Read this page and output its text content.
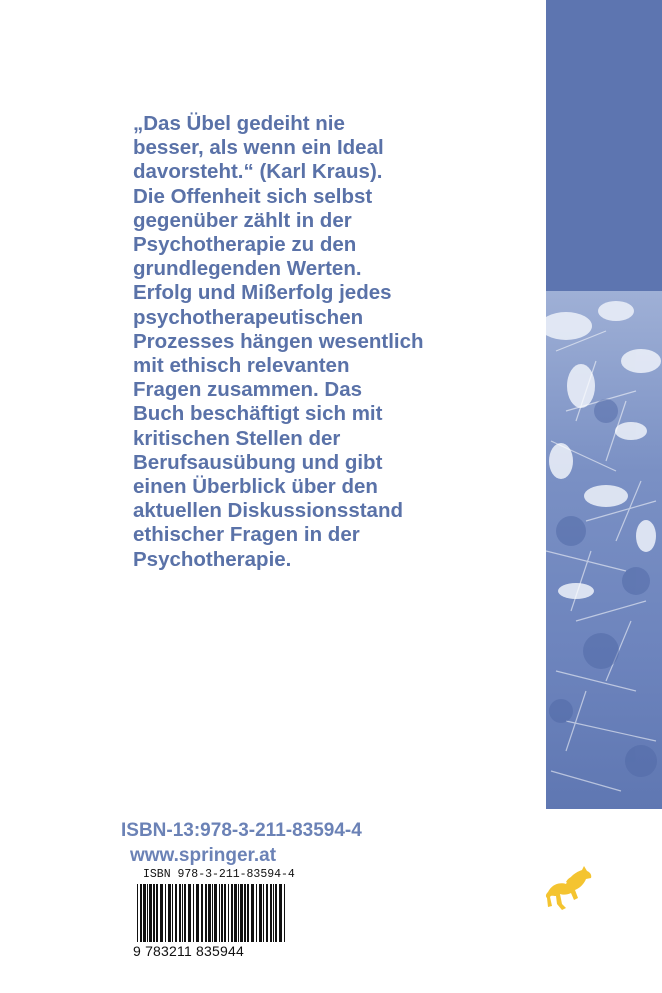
„Das Übel gedeiht nie
besser, als wenn ein Ideal
davorsteht.“ (Karl Kraus).
Die Offenheit sich selbst
gegenüber zählt in der
Psychotherapie zu den
grundlegenden Werten.
Erfolg und Mißerfolg jedes
psychotherapeutischen
Prozesses hängen wesentlich
mit ethisch relevanten
Fragen zusammen. Das
Buch beschäftigt sich mit
kritischen Stellen der
Berufsausübung und gibt
einen Überblick über den
aktuellen Diskussionsstand
ethischer Fragen in der
Psychotherapie.

ISBN-13:978-3-211-83594-4

www.springer.at

ISBN 978-3-211-83594-4
9 783211 835944
